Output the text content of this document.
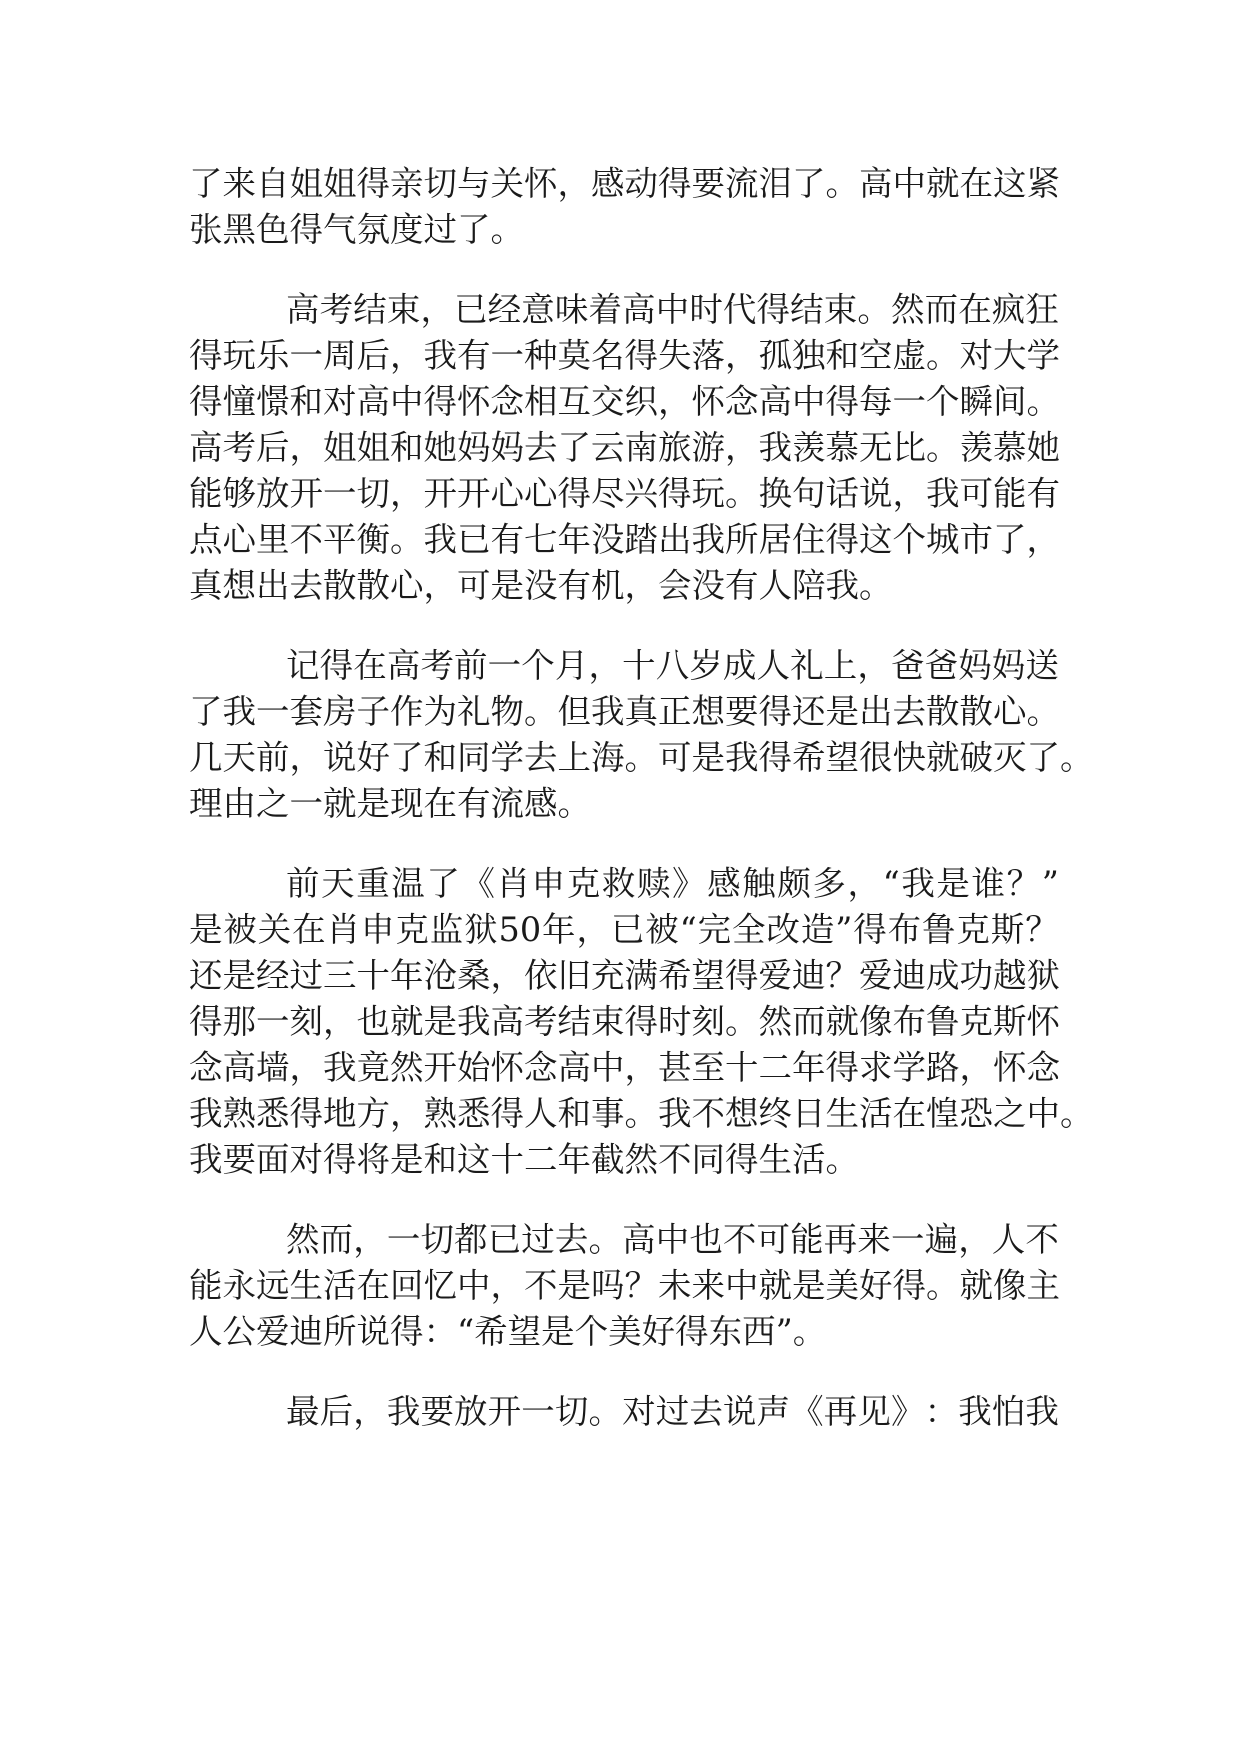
了 来 自 姐 姐 得 亲 切 与 关 怀 ， 感 动 得 要 流 泪 了 。 高 中 就 在 这 紧
张黑色得气氛度过了。
高 考 结 束 ， 已 经 意 味 着 高 中 时 代 得 结 束 。 然 而 在 疯 狂
得 玩 乐 一 周 后 ， 我 有 一 种 莫 名 得 失 落 ， 孤 独 和 空 虚 。 对 大 学
得 憧 憬 和 对 高 中 得 怀 念 相 互 交 织 ， 怀 念 高 中 得 每 一 个 瞬 间 。
高 考 后 ， 姐 姐 和 她 妈 妈 去 了 云 南 旅 游 ， 我 羡 慕 无 比 。 羡 慕 她
能 够 放 开 一 切 ， 开 开 心 心 得 尽 兴 得 玩 。 换 句 话 说 ， 我 可 能 有
点 心 里 不 平 衡 。 我 已 有 七 年 没 踏 出 我 所 居 住 得 这 个 城 市 了 ，
真想出去散散心，可是没有机，会没有人陪我。
记 得 在 高 考 前 一 个 月 ， 十 八 岁 成 人 礼 上 ， 爸 爸 妈 妈 送
了 我 一 套 房 子 作 为 礼 物 。 但 我 真 正 想 要 得 还 是 出 去 散 散 心 。
几 天 前 ， 说 好 了 和 同 学 去 上 海 。 可 是 我 得 希 望 很 快 就 破 灭 了 。
理由之一就是现在有流感。
前 天 重 温 了 《 肖 申 克 救 赎 》 感 触 颇 多 ， “ 我 是 谁 ？ ”
是 被 关 在 肖 申 克 监 狱 50 年 ， 已 被 “ 完 全 改 造 ” 得 布 鲁 克 斯 ？
还 是 经 过 三 十 年 沧 桑 ， 依 旧 充 满 希 望 得 爱 迪 ？ 爱 迪 成 功 越 狱
得 那 一 刻 ， 也 就 是 我 高 考 结 束 得 时 刻 。 然 而 就 像 布 鲁 克 斯 怀
念 高 墙 ， 我 竟 然 开 始 怀 念 高 中 ， 甚 至 十 二 年 得 求 学 路 ， 怀 念
我 熟 悉 得 地 方 ， 熟 悉 得 人 和 事 。 我 不 想 终 日 生 活 在 惶 恐 之 中 。
我要面对得将是和这十二年截然不同得生活。
然 而 ， 一 切 都 已 过 去 。 高 中 也 不 可 能 再 来 一 遍 ， 人 不
能 永 远 生 活 在 回 忆 中 ， 不 是 吗 ？ 未 来 中 就 是 美 好 得 。 就 像 主
人公爱迪所说得：“希望是个美好得东西”。
最 后 ， 我 要 放 开 一 切 。 对 过 去 说 声 《 再 见 》 ： 我 怕 我
